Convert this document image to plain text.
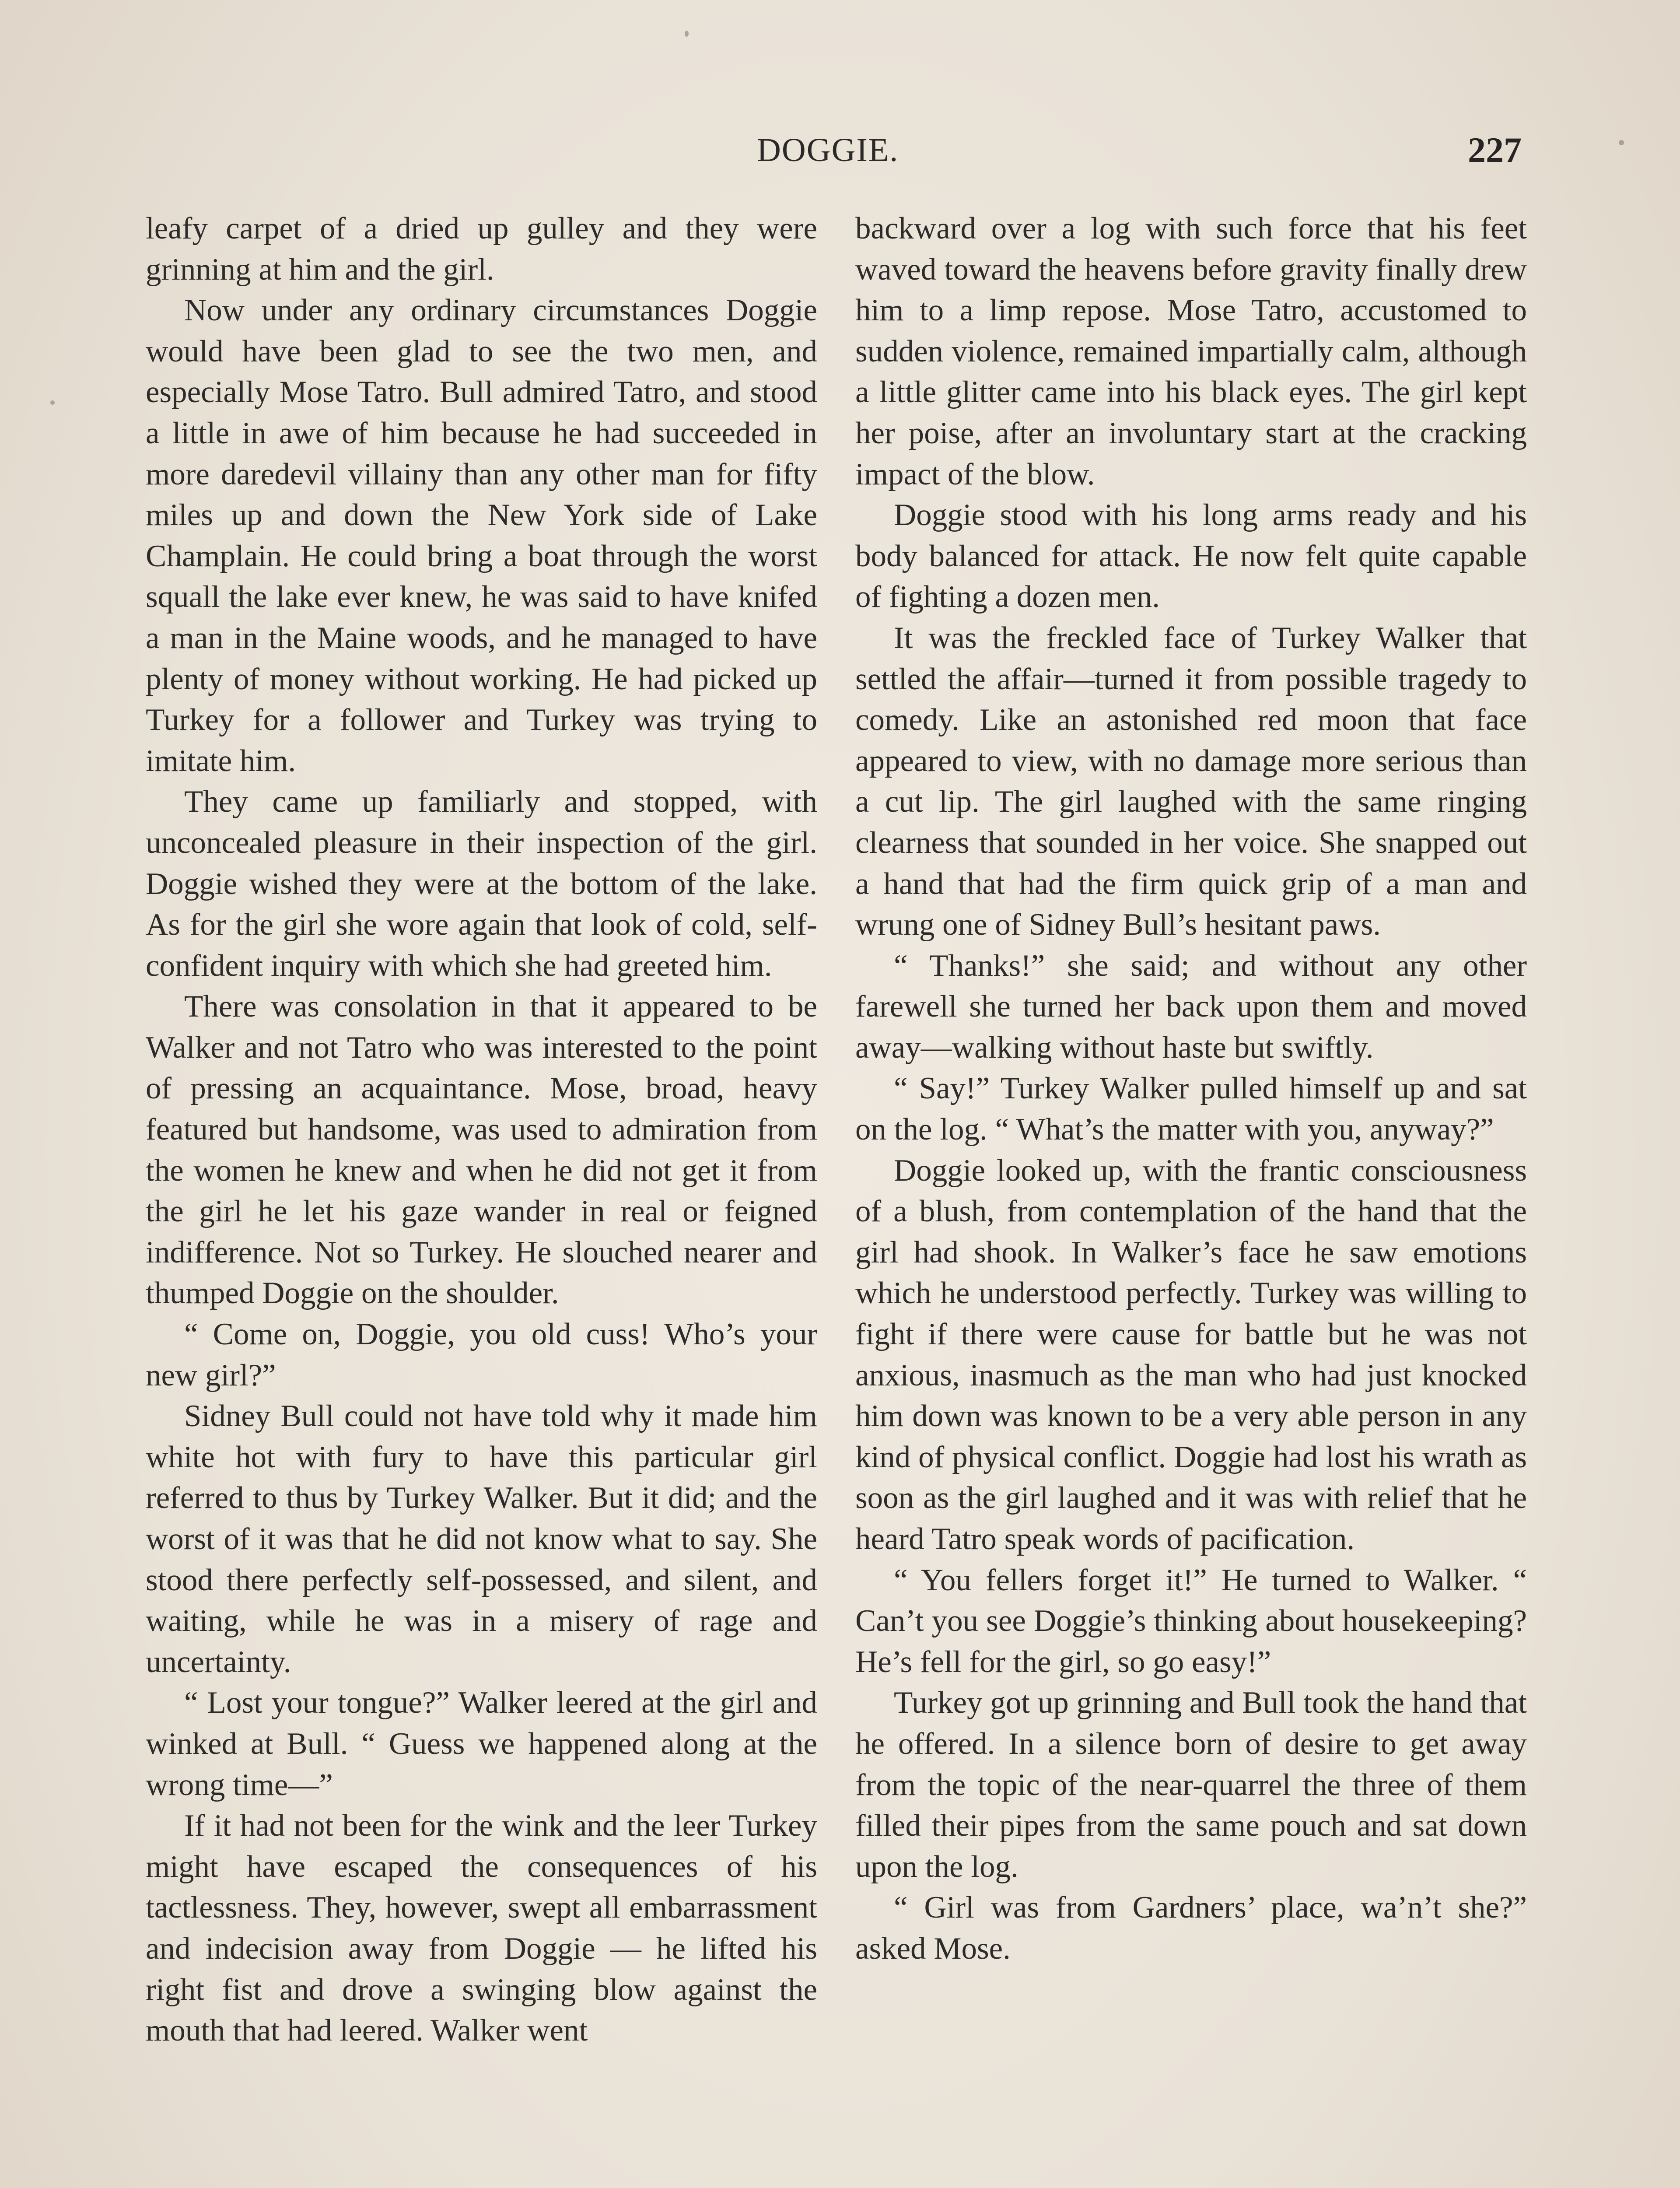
DOGGIE.	227

leafy carpet of a dried up gulley and they were grinning at him and the girl.

Now under any ordinary circumstances Doggie would have been glad to see the two men, and especially Mose Tatro. Bull admired Tatro, and stood a little in awe of him because he had succeeded in more daredevil villainy than any other man for fifty miles up and down the New York side of Lake Champlain. He could bring a boat through the worst squall the lake ever knew, he was said to have knifed a man in the Maine woods, and he managed to have plenty of money without working. He had picked up Turkey for a follower and Turkey was trying to imitate him.

They came up familiarly and stopped, with unconcealed pleasure in their inspection of the girl. Doggie wished they were at the bottom of the lake. As for the girl she wore again that look of cold, self-confident inquiry with which she had greeted him.

There was consolation in that it appeared to be Walker and not Tatro who was interested to the point of pressing an acquaintance. Mose, broad, heavy featured but handsome, was used to admiration from the women he knew and when he did not get it from the girl he let his gaze wander in real or feigned indifference. Not so Turkey. He slouched nearer and thumped Doggie on the shoulder.

“ Come on, Doggie, you old cuss! Who’s your new girl?”

Sidney Bull could not have told why it made him white hot with fury to have this particular girl referred to thus by Turkey Walker. But it did; and the worst of it was that he did not know what to say. She stood there perfectly self-possessed, and silent, and waiting, while he was in a misery of rage and uncertainty.

“ Lost your tongue?” Walker leered at the girl and winked at Bull. “ Guess we happened along at the wrong time—”

If it had not been for the wink and the leer Turkey might have escaped the consequences of his tactlessness. They, however, swept all embarrassment and indecision away from Doggie — he lifted his right fist and drove a swinging blow against the mouth that had leered. Walker went

backward over a log with such force that his feet waved toward the heavens before gravity finally drew him to a limp repose. Mose Tatro, accustomed to sudden violence, remained impartially calm, although a little glitter came into his black eyes. The girl kept her poise, after an involuntary start at the cracking impact of the blow.

Doggie stood with his long arms ready and his body balanced for attack. He now felt quite capable of fighting a dozen men.

It was the freckled face of Turkey Walker that settled the affair—turned it from possible tragedy to comedy. Like an astonished red moon that face appeared to view, with no damage more serious than a cut lip. The girl laughed with the same ringing clearness that sounded in her voice. She snapped out a hand that had the firm quick grip of a man and wrung one of Sidney Bull’s hesitant paws.

“ Thanks!” she said; and without any other farewell she turned her back upon them and moved away—walking without haste but swiftly.

“ Say!” Turkey Walker pulled himself up and sat on the log. “ What’s the matter with you, anyway?”

Doggie looked up, with the frantic consciousness of a blush, from contemplation of the hand that the girl had shook. In Walker’s face he saw emotions which he understood perfectly. Turkey was willing to fight if there were cause for battle but he was not anxious, inasmuch as the man who had just knocked him down was known to be a very able person in any kind of physical conflict. Doggie had lost his wrath as soon as the girl laughed and it was with relief that he heard Tatro speak words of pacification.

“ You fellers forget it!” He turned to Walker. “ Can’t you see Doggie’s thinking about housekeeping? He’s fell for the girl, so go easy!”

Turkey got up grinning and Bull took the hand that he offered. In a silence born of desire to get away from the topic of the near-quarrel the three of them filled their pipes from the same pouch and sat down upon the log.

“ Girl was from Gardners’ place, wa’n’t she?” asked Mose.
